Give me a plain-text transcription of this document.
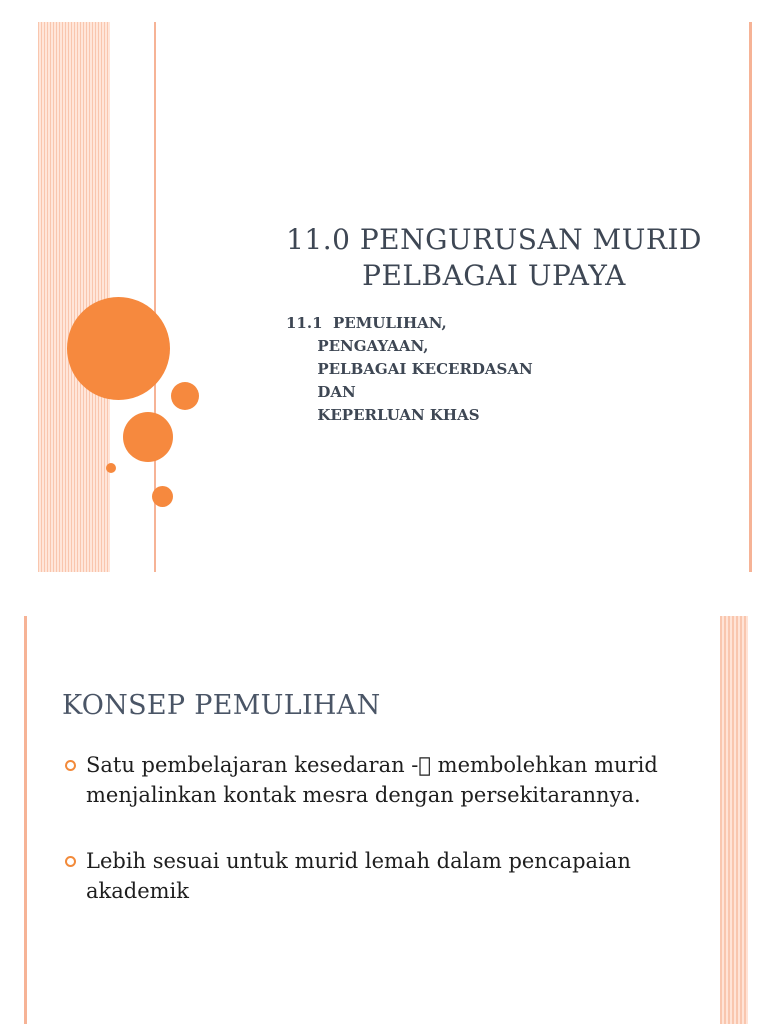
11.0 PENGURUSAN MURID
PELBAGAI UPAYA
11.1  PEMULIHAN,
PENGAYAAN,
PELBAGAI KECERDASAN
DAN
KEPERLUAN KHAS
KONSEP PEMULIHAN
Satu pembelajaran kesedaran - membolehkan murid menjalinkan kontak mesra dengan persekitarannya.
Lebih sesuai untuk murid lemah dalam pencapaian akademik
